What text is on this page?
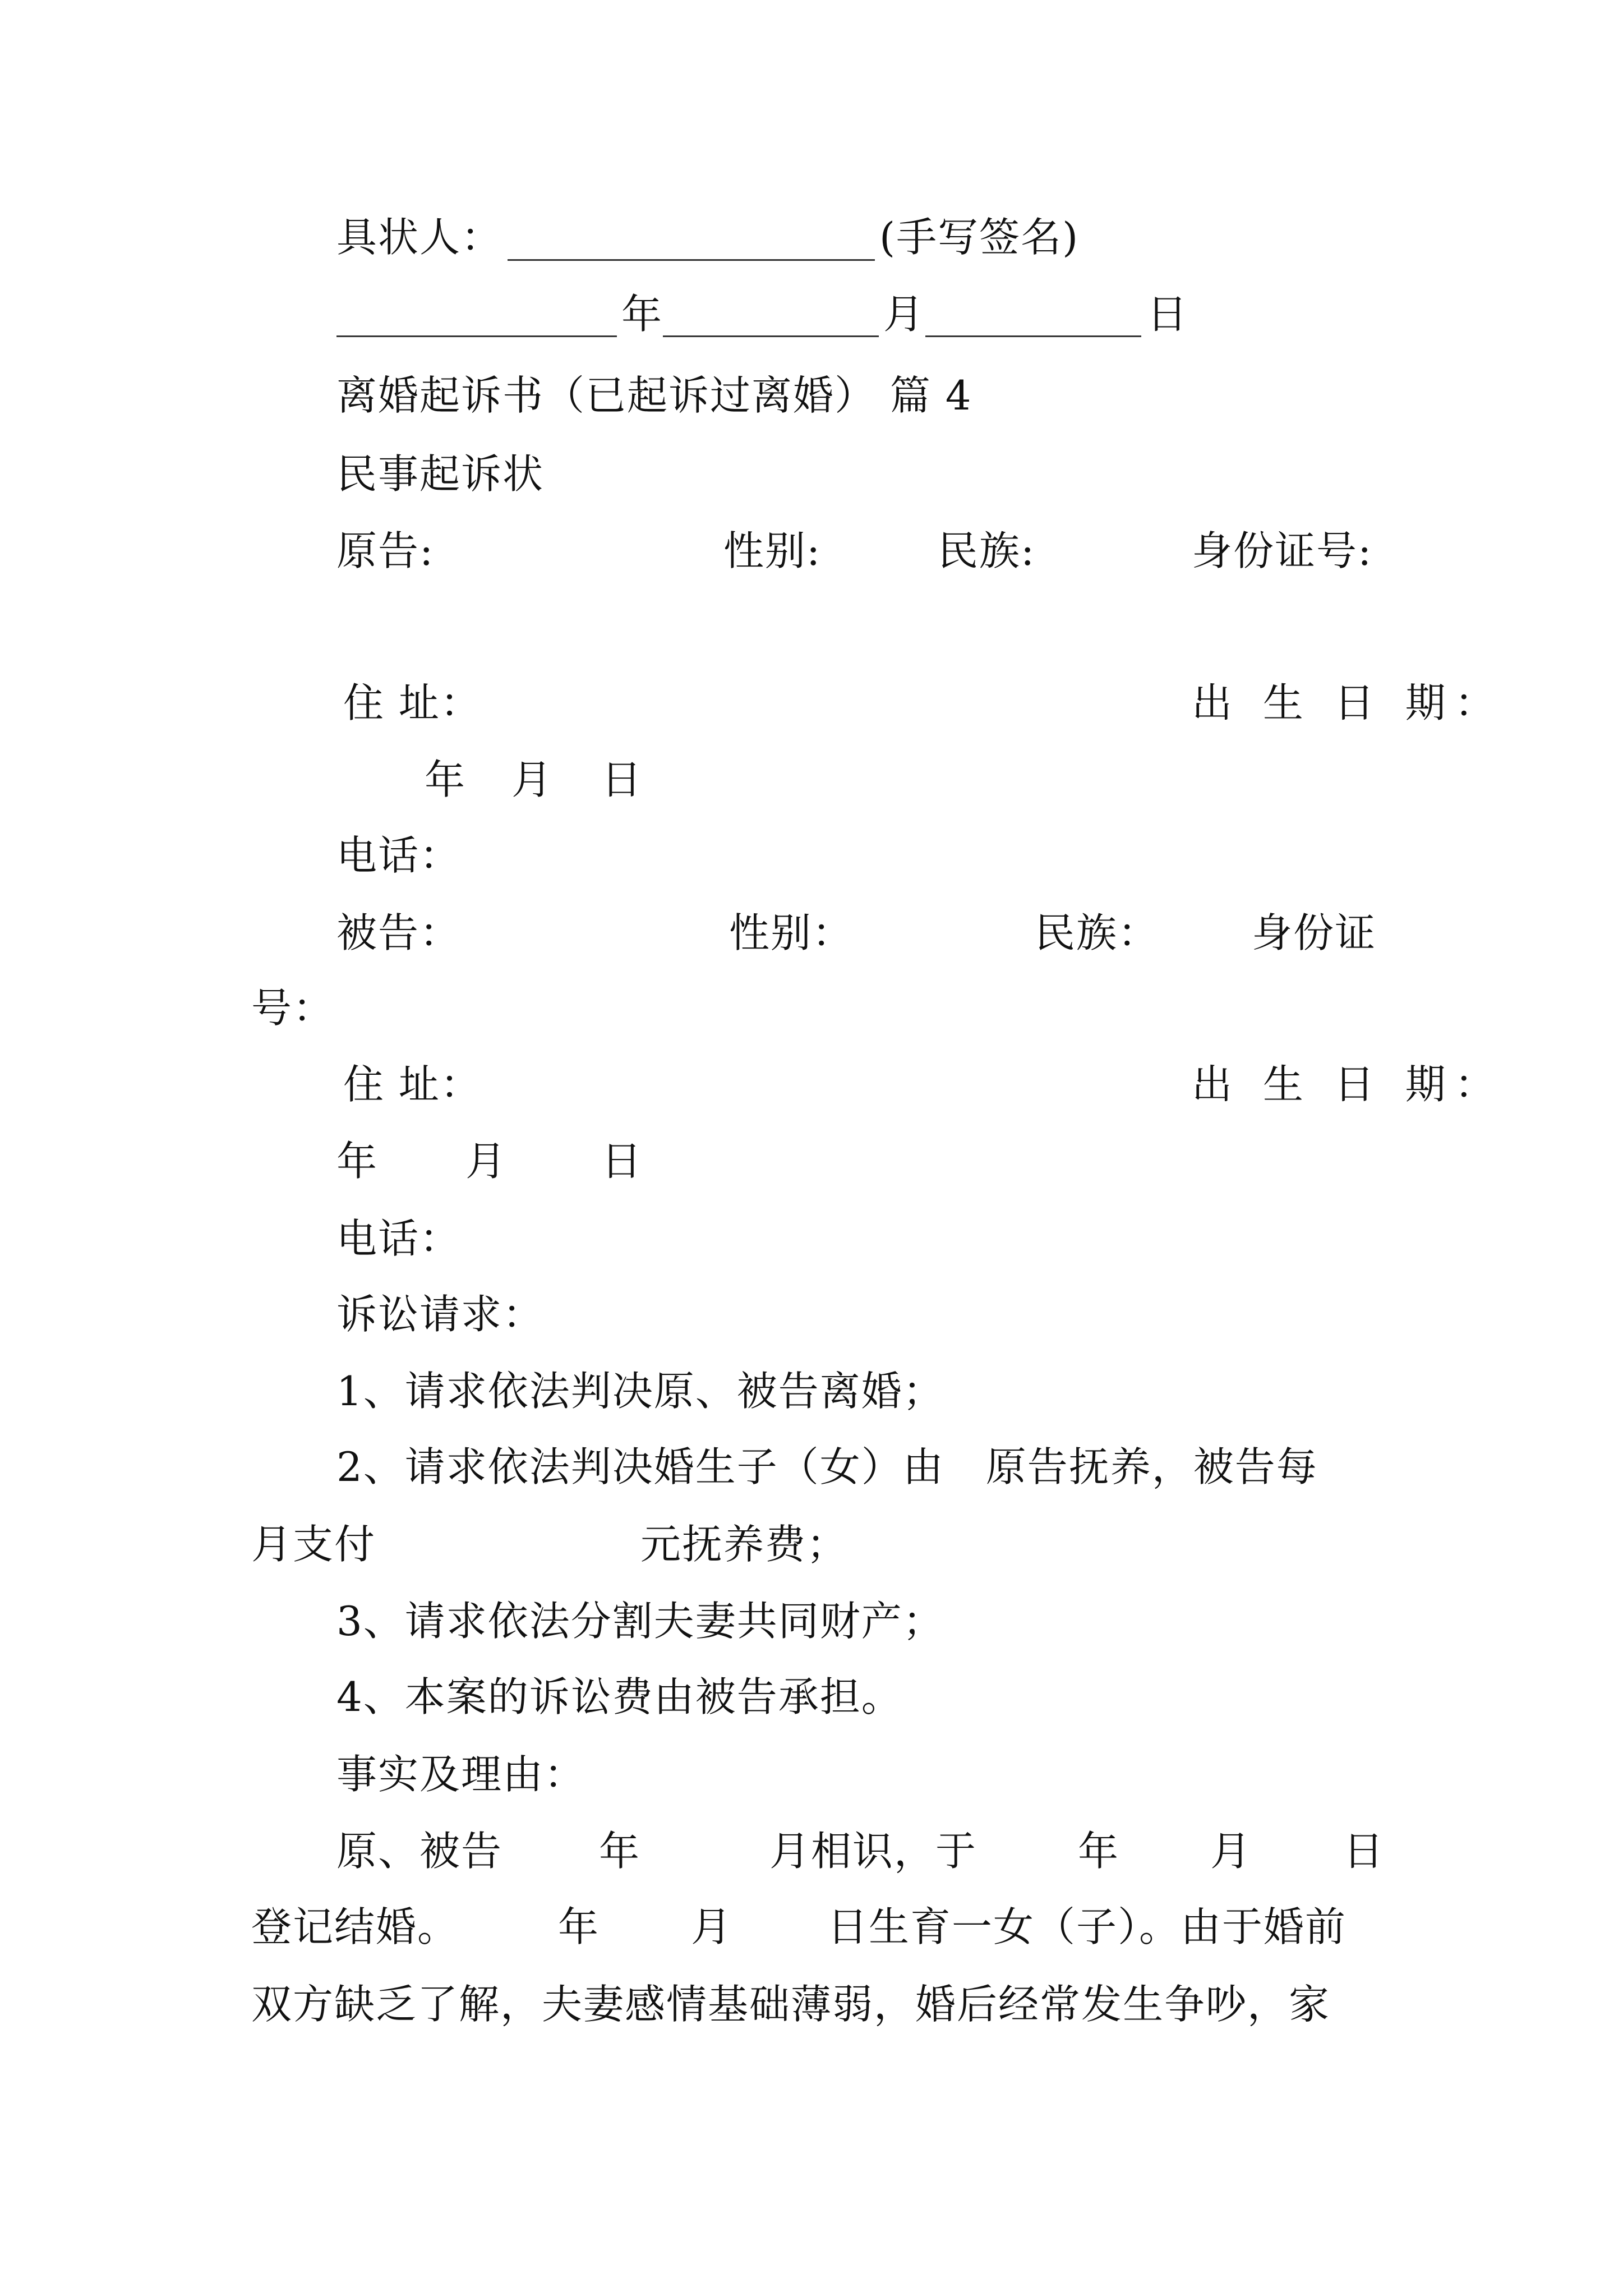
具状人：	(手写签名)
年	月	日
离婚起诉书（已起诉过离婚） 篇 4
民事起诉状
原告:	性别:	民族:	身份证号:
住 址：	出 生 日 期：
年 月 日
电话：
被告：	性别：	民族： 身份证
号：
住 址：	出 生 日 期：
年 月 日
电话：
诉讼请求：
1、请求依法判决原、被告离婚；
2、请求依法判决婚生子（女）由　原告抚养，被告每
月支付	元抚养费；
3、请求依法分割夫妻共同财产；
4、本案的诉讼费由被告承担。
事实及理由：
原、被告 年	月相识，于 年 月 日
登记结婚。 年 月 日生育一女（子）。由于婚前
双方缺乏了解，夫妻感情基础薄弱，婚后经常发生争吵，家
